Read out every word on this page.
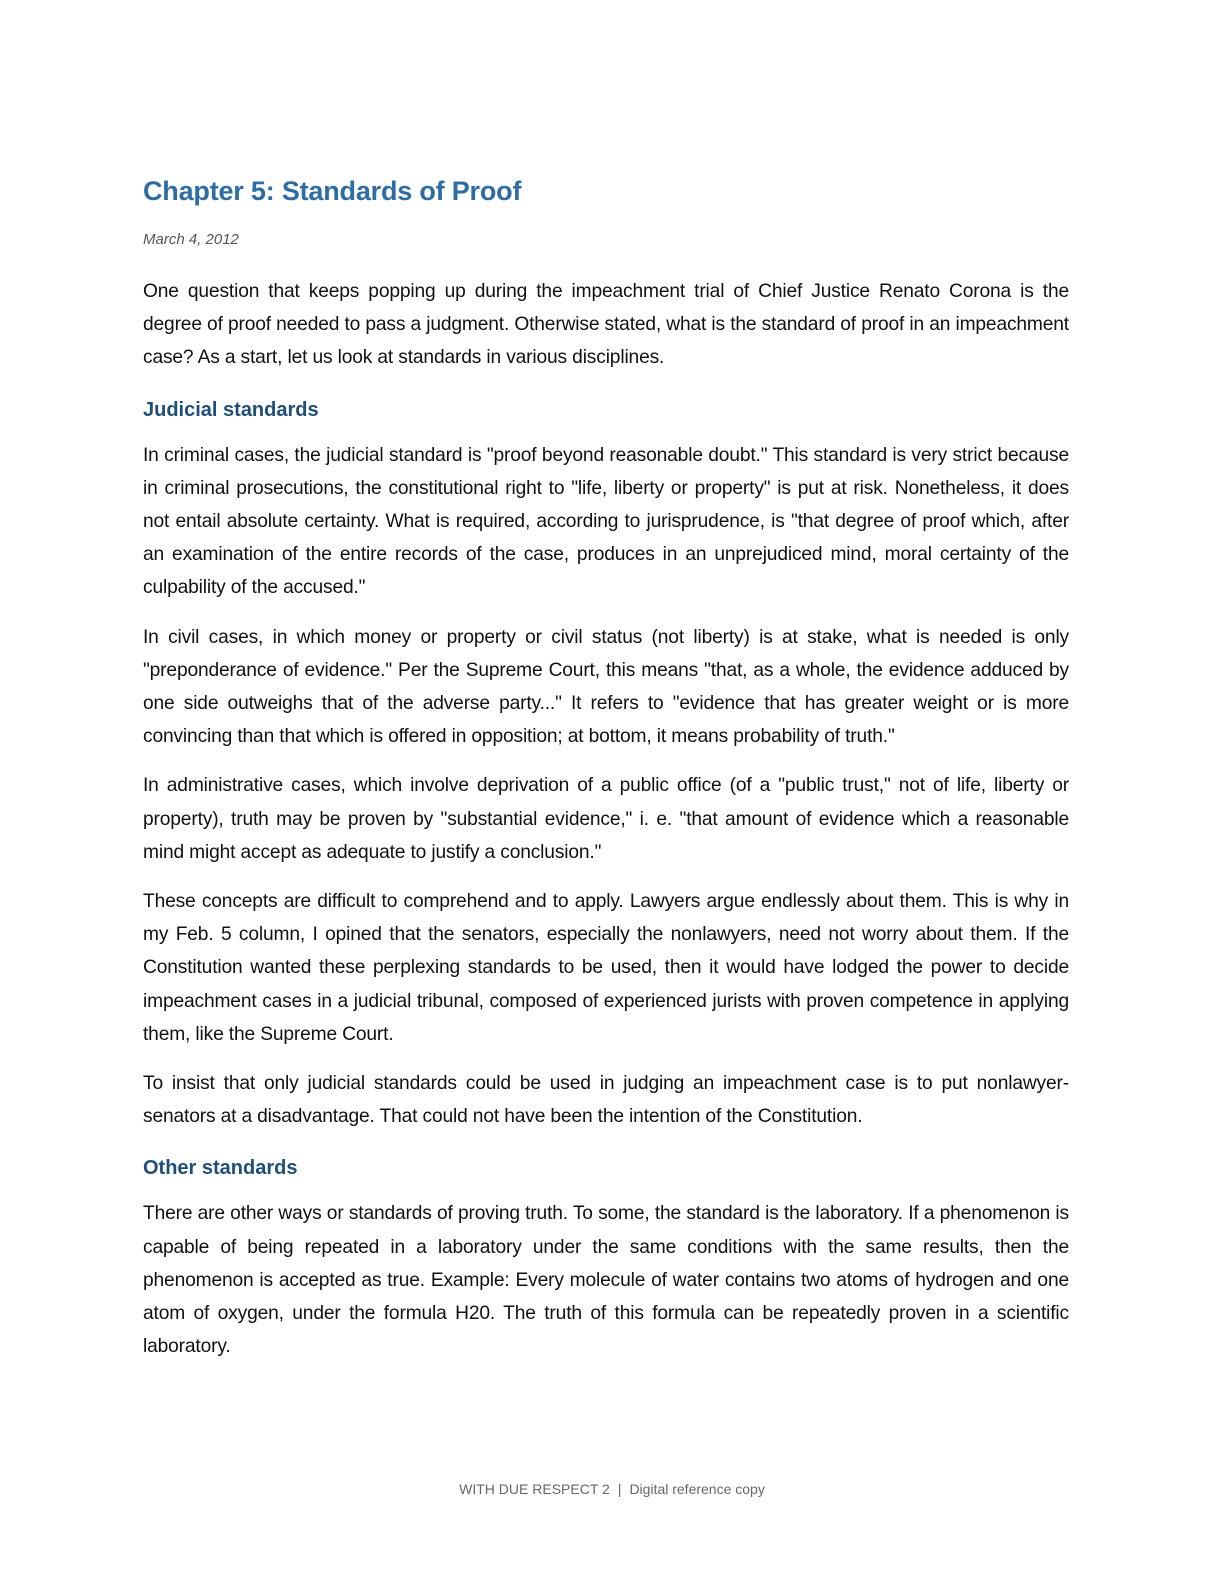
Chapter 5: Standards of Proof
March 4, 2012

One question that keeps popping up during the impeachment trial of Chief Justice Renato Corona is the degree of proof needed to pass a judgment. Otherwise stated, what is the standard of proof in an impeachment case? As a start, let us look at standards in various disciplines.

Judicial standards

In criminal cases, the judicial standard is "proof beyond reasonable doubt." This standard is very strict because in criminal prosecutions, the constitutional right to "life, liberty or property" is put at risk. Nonetheless, it does not entail absolute certainty. What is required, according to jurisprudence, is "that degree of proof which, after an examination of the entire records of the case, produces in an unprejudiced mind, moral certainty of the culpability of the accused."

In civil cases, in which money or property or civil status (not liberty) is at stake, what is needed is only "preponderance of evidence." Per the Supreme Court, this means "that, as a whole, the evidence adduced by one side outweighs that of the adverse party..." It refers to "evidence that has greater weight or is more convincing than that which is offered in opposition; at bottom, it means probability of truth."

In administrative cases, which involve deprivation of a public office (of a "public trust," not of life, liberty or property), truth may be proven by "substantial evidence," i. e. "that amount of evidence which a reasonable mind might accept as adequate to justify a conclusion."

These concepts are difficult to comprehend and to apply. Lawyers argue endlessly about them. This is why in my Feb. 5 column, I opined that the senators, especially the nonlawyers, need not worry about them. If the Constitution wanted these perplexing standards to be used, then it would have lodged the power to decide impeachment cases in a judicial tribunal, composed of experienced jurists with proven competence in applying them, like the Supreme Court.

To insist that only judicial standards could be used in judging an impeachment case is to put nonlawyer-senators at a disadvantage. That could not have been the intention of the Constitution.

Other standards

There are other ways or standards of proving truth. To some, the standard is the laboratory. If a phenomenon is capable of being repeated in a laboratory under the same conditions with the same results, then the phenomenon is accepted as true. Example: Every molecule of water contains two atoms of hydrogen and one atom of oxygen, under the formula H20. The truth of this formula can be repeatedly proven in a scientific laboratory.

WITH DUE RESPECT 2 | Digital reference copy
